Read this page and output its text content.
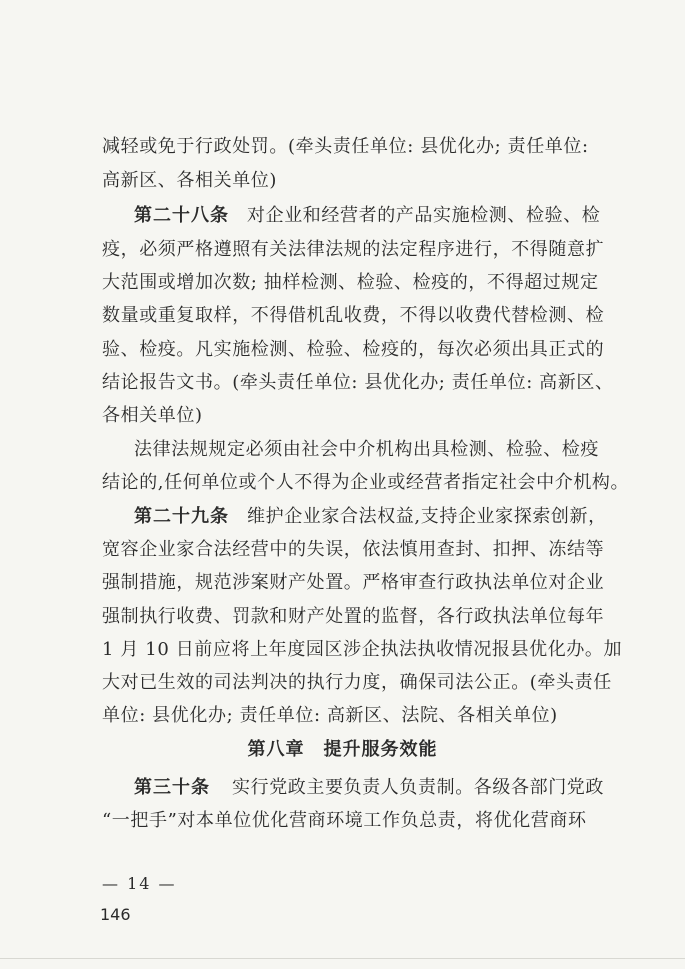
减轻或免于行政处罚。(牵头责任单位: 县优化办; 责任单位:
高新区、各相关单位)
第二十八条 对企业和经营者的产品实施检测、检验、检
疫，必须严格遵照有关法律法规的法定程序进行，不得随意扩
大范围或增加次数; 抽样检测、检验、检疫的，不得超过规定
数量或重复取样，不得借机乱收费，不得以收费代替检测、检
验、检疫。凡实施检测、检验、检疫的，每次必须出具正式的
结论报告文书。(牵头责任单位: 县优化办; 责任单位: 高新区、
各相关单位)
法律法规规定必须由社会中介机构出具检测、检验、检疫
结论的,任何单位或个人不得为企业或经营者指定社会中介机构。
第二十九条 维护企业家合法权益,支持企业家探索创新，
宽容企业家合法经营中的失误，依法慎用查封、扣押、冻结等
强制措施，规范涉案财产处置。严格审查行政执法单位对企业
强制执行收费、罚款和财产处置的监督，各行政执法单位每年
1 月 10 日前应将上年度园区涉企执法执收情况报县优化办。加
大对已生效的司法判决的执行力度，确保司法公正。(牵头责任
单位: 县优化办; 责任单位: 高新区、法院、各相关单位)
第八章　提升服务效能
第三十条 实行党政主要负责人负责制。各级各部门党政
“一把手”对本单位优化营商环境工作负总责，将优化营商环
— 14 —
146
